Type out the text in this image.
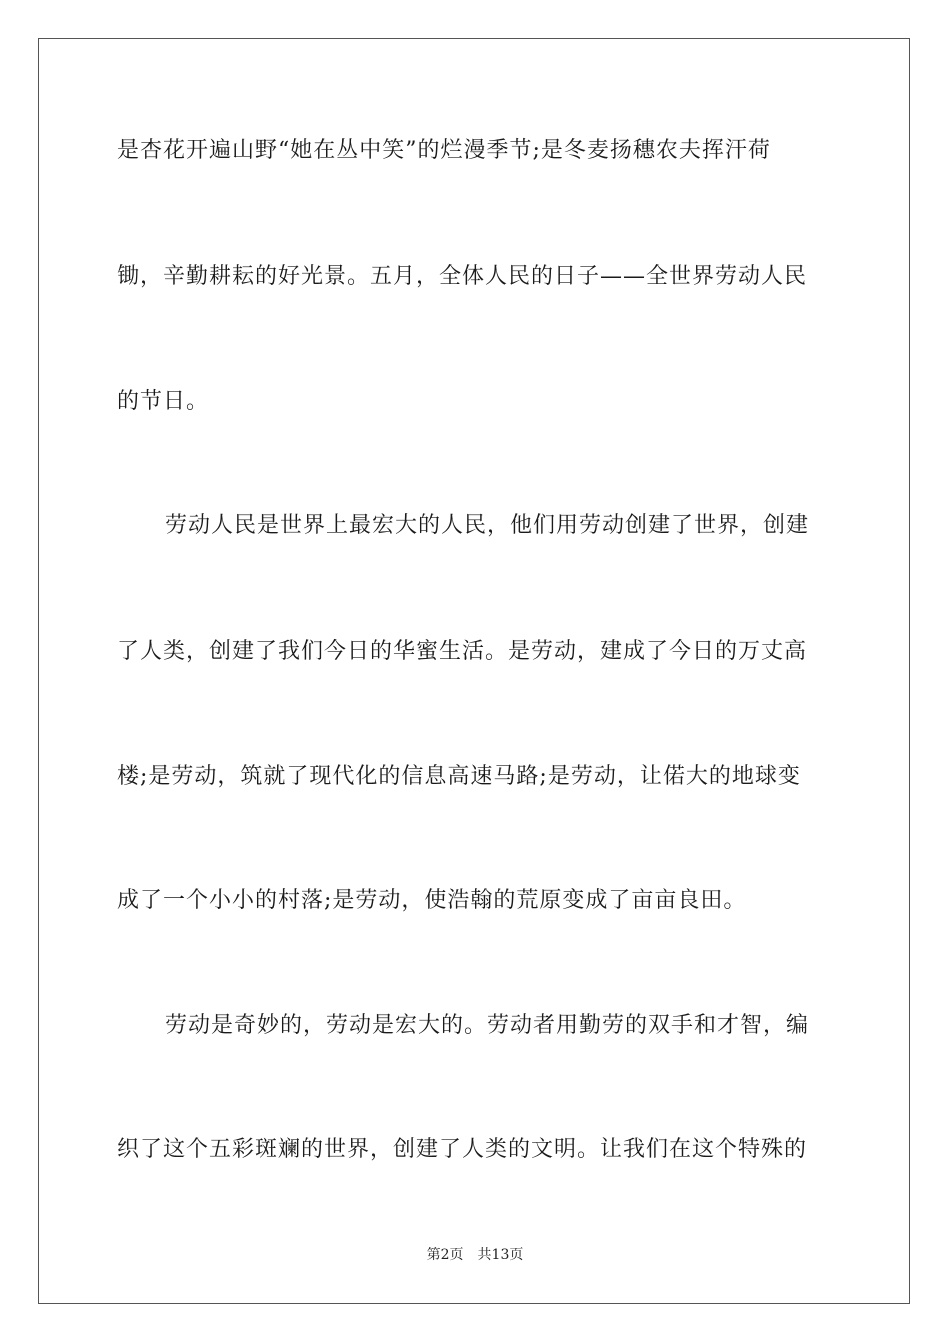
是杏花开遍山野“她在丛中笑”的烂漫季节;是冬麦扬穗农夫挥汗荷
锄，辛勤耕耘的好光景。五月，全体人民的日子——全世界劳动人民
的节日。
劳动人民是世界上最宏大的人民，他们用劳动创建了世界，创建
了人类，创建了我们今日的华蜜生活。是劳动，建成了今日的万丈高
楼;是劳动，筑就了现代化的信息高速马路;是劳动，让偌大的地球变
成了一个小小的村落;是劳动，使浩翰的荒原变成了亩亩良田。
劳动是奇妙的，劳动是宏大的。劳动者用勤劳的双手和才智，编
织了这个五彩斑斓的世界，创建了人类的文明。让我们在这个特殊的
第2页 共13页
